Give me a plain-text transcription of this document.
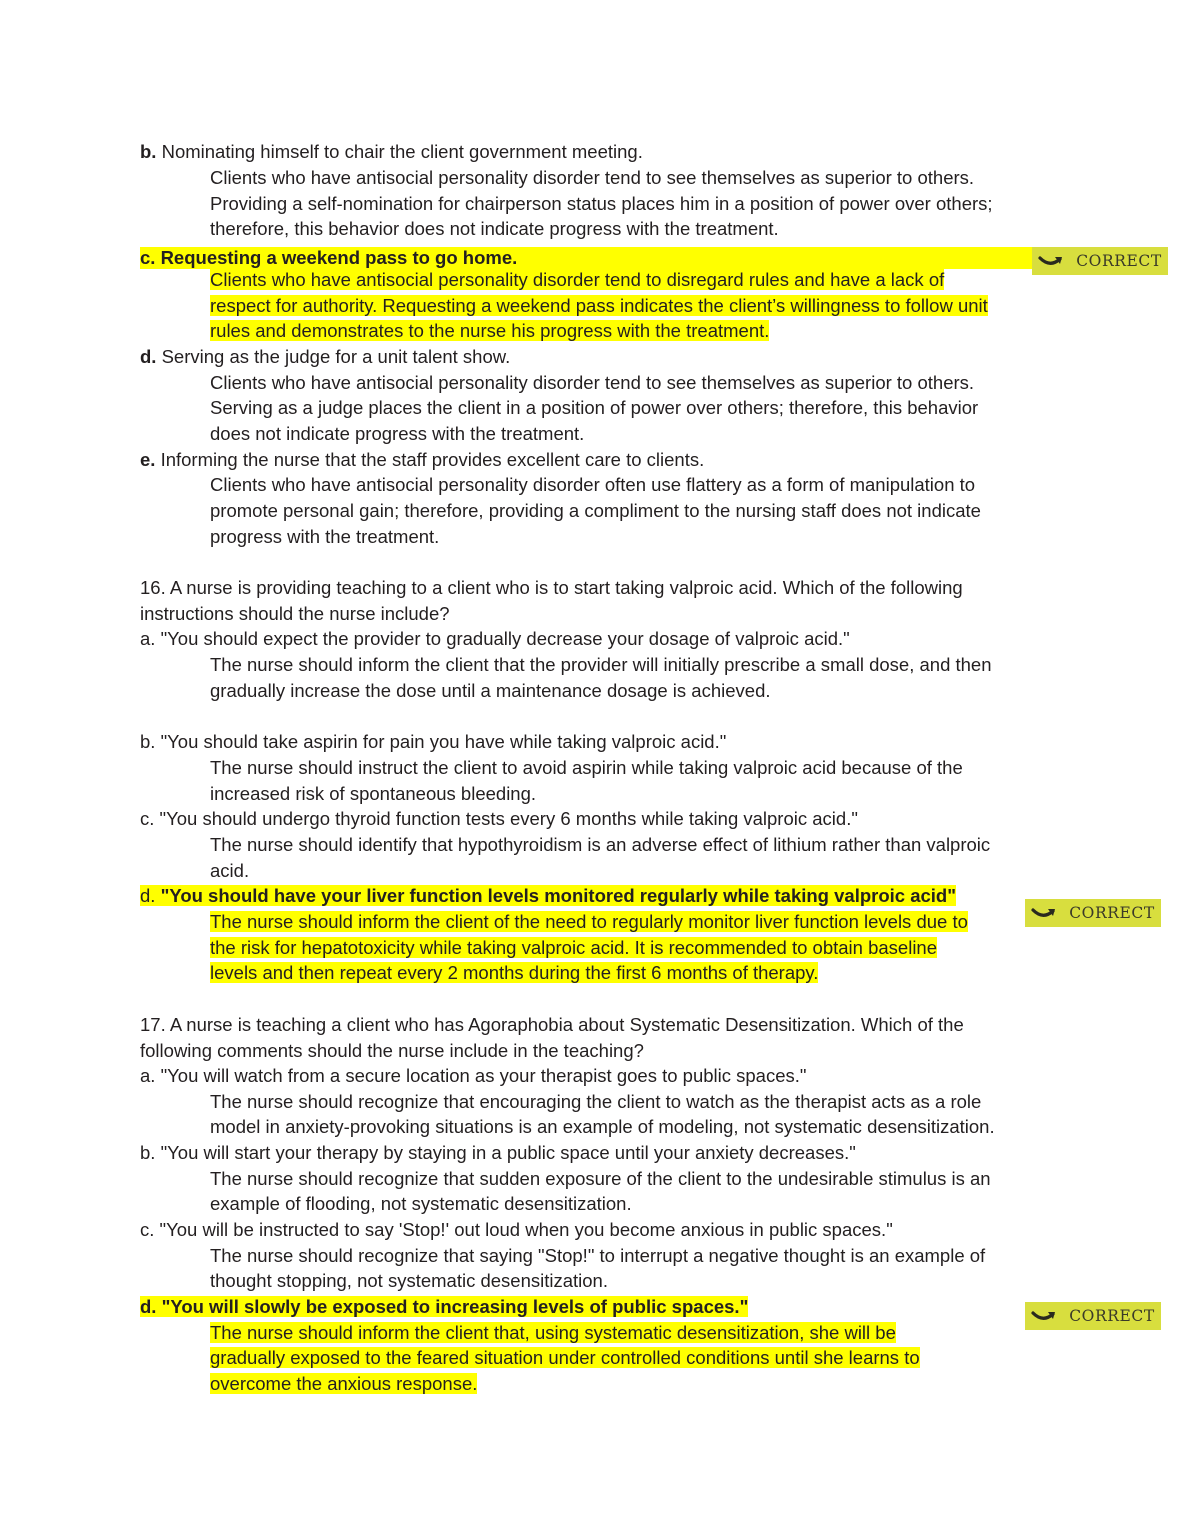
b. Nominating himself to chair the client government meeting.
Clients who have antisocial personality disorder tend to see themselves as superior to others.
Providing a self-nomination for chairperson status places him in a position of power over others;
therefore, this behavior does not indicate progress with the treatment.
c. Requesting a weekend pass to go home.
Clients who have antisocial personality disorder tend to disregard rules and have a lack of
respect for authority. Requesting a weekend pass indicates the client’s willingness to follow unit
rules and demonstrates to the nurse his progress with the treatment.
d. Serving as the judge for a unit talent show.
Clients who have antisocial personality disorder tend to see themselves as superior to others.
Serving as a judge places the client in a position of power over others; therefore, this behavior
does not indicate progress with the treatment.
e. Informing the nurse that the staff provides excellent care to clients.
Clients who have antisocial personality disorder often use flattery as a form of manipulation to
promote personal gain; therefore, providing a compliment to the nursing staff does not indicate
progress with the treatment.
16. A nurse is providing teaching to a client who is to start taking valproic acid. Which of the following
instructions should the nurse include?
a. "You should expect the provider to gradually decrease your dosage of valproic acid."
The nurse should inform the client that the provider will initially prescribe a small dose, and then
gradually increase the dose until a maintenance dosage is achieved.
b. "You should take aspirin for pain you have while taking valproic acid."
The nurse should instruct the client to avoid aspirin while taking valproic acid because of the
increased risk of spontaneous bleeding.
c. "You should undergo thyroid function tests every 6 months while taking valproic acid."
The nurse should identify that hypothyroidism is an adverse effect of lithium rather than valproic
acid.
d. "You should have your liver function levels monitored regularly while taking valproic acid"
The nurse should inform the client of the need to regularly monitor liver function levels due to
the risk for hepatotoxicity while taking valproic acid. It is recommended to obtain baseline
levels and then repeat every 2 months during the first 6 months of therapy.
17. A nurse is teaching a client who has Agoraphobia about Systematic Desensitization. Which of the
following comments should the nurse include in the teaching?
a. "You will watch from a secure location as your therapist goes to public spaces."
The nurse should recognize that encouraging the client to watch as the therapist acts as a role
model in anxiety-provoking situations is an example of modeling, not systematic desensitization.
b. "You will start your therapy by staying in a public space until your anxiety decreases."
The nurse should recognize that sudden exposure of the client to the undesirable stimulus is an
example of flooding, not systematic desensitization.
c. "You will be instructed to say 'Stop!' out loud when you become anxious in public spaces."
The nurse should recognize that saying "Stop!" to interrupt a negative thought is an example of
thought stopping, not systematic desensitization.
d. "You will slowly be exposed to increasing levels of public spaces."
The nurse should inform the client that, using systematic desensitization, she will be
gradually exposed to the feared situation under controlled conditions until she learns to
overcome the anxious response.
CORRECT
CORRECT
CORRECT
